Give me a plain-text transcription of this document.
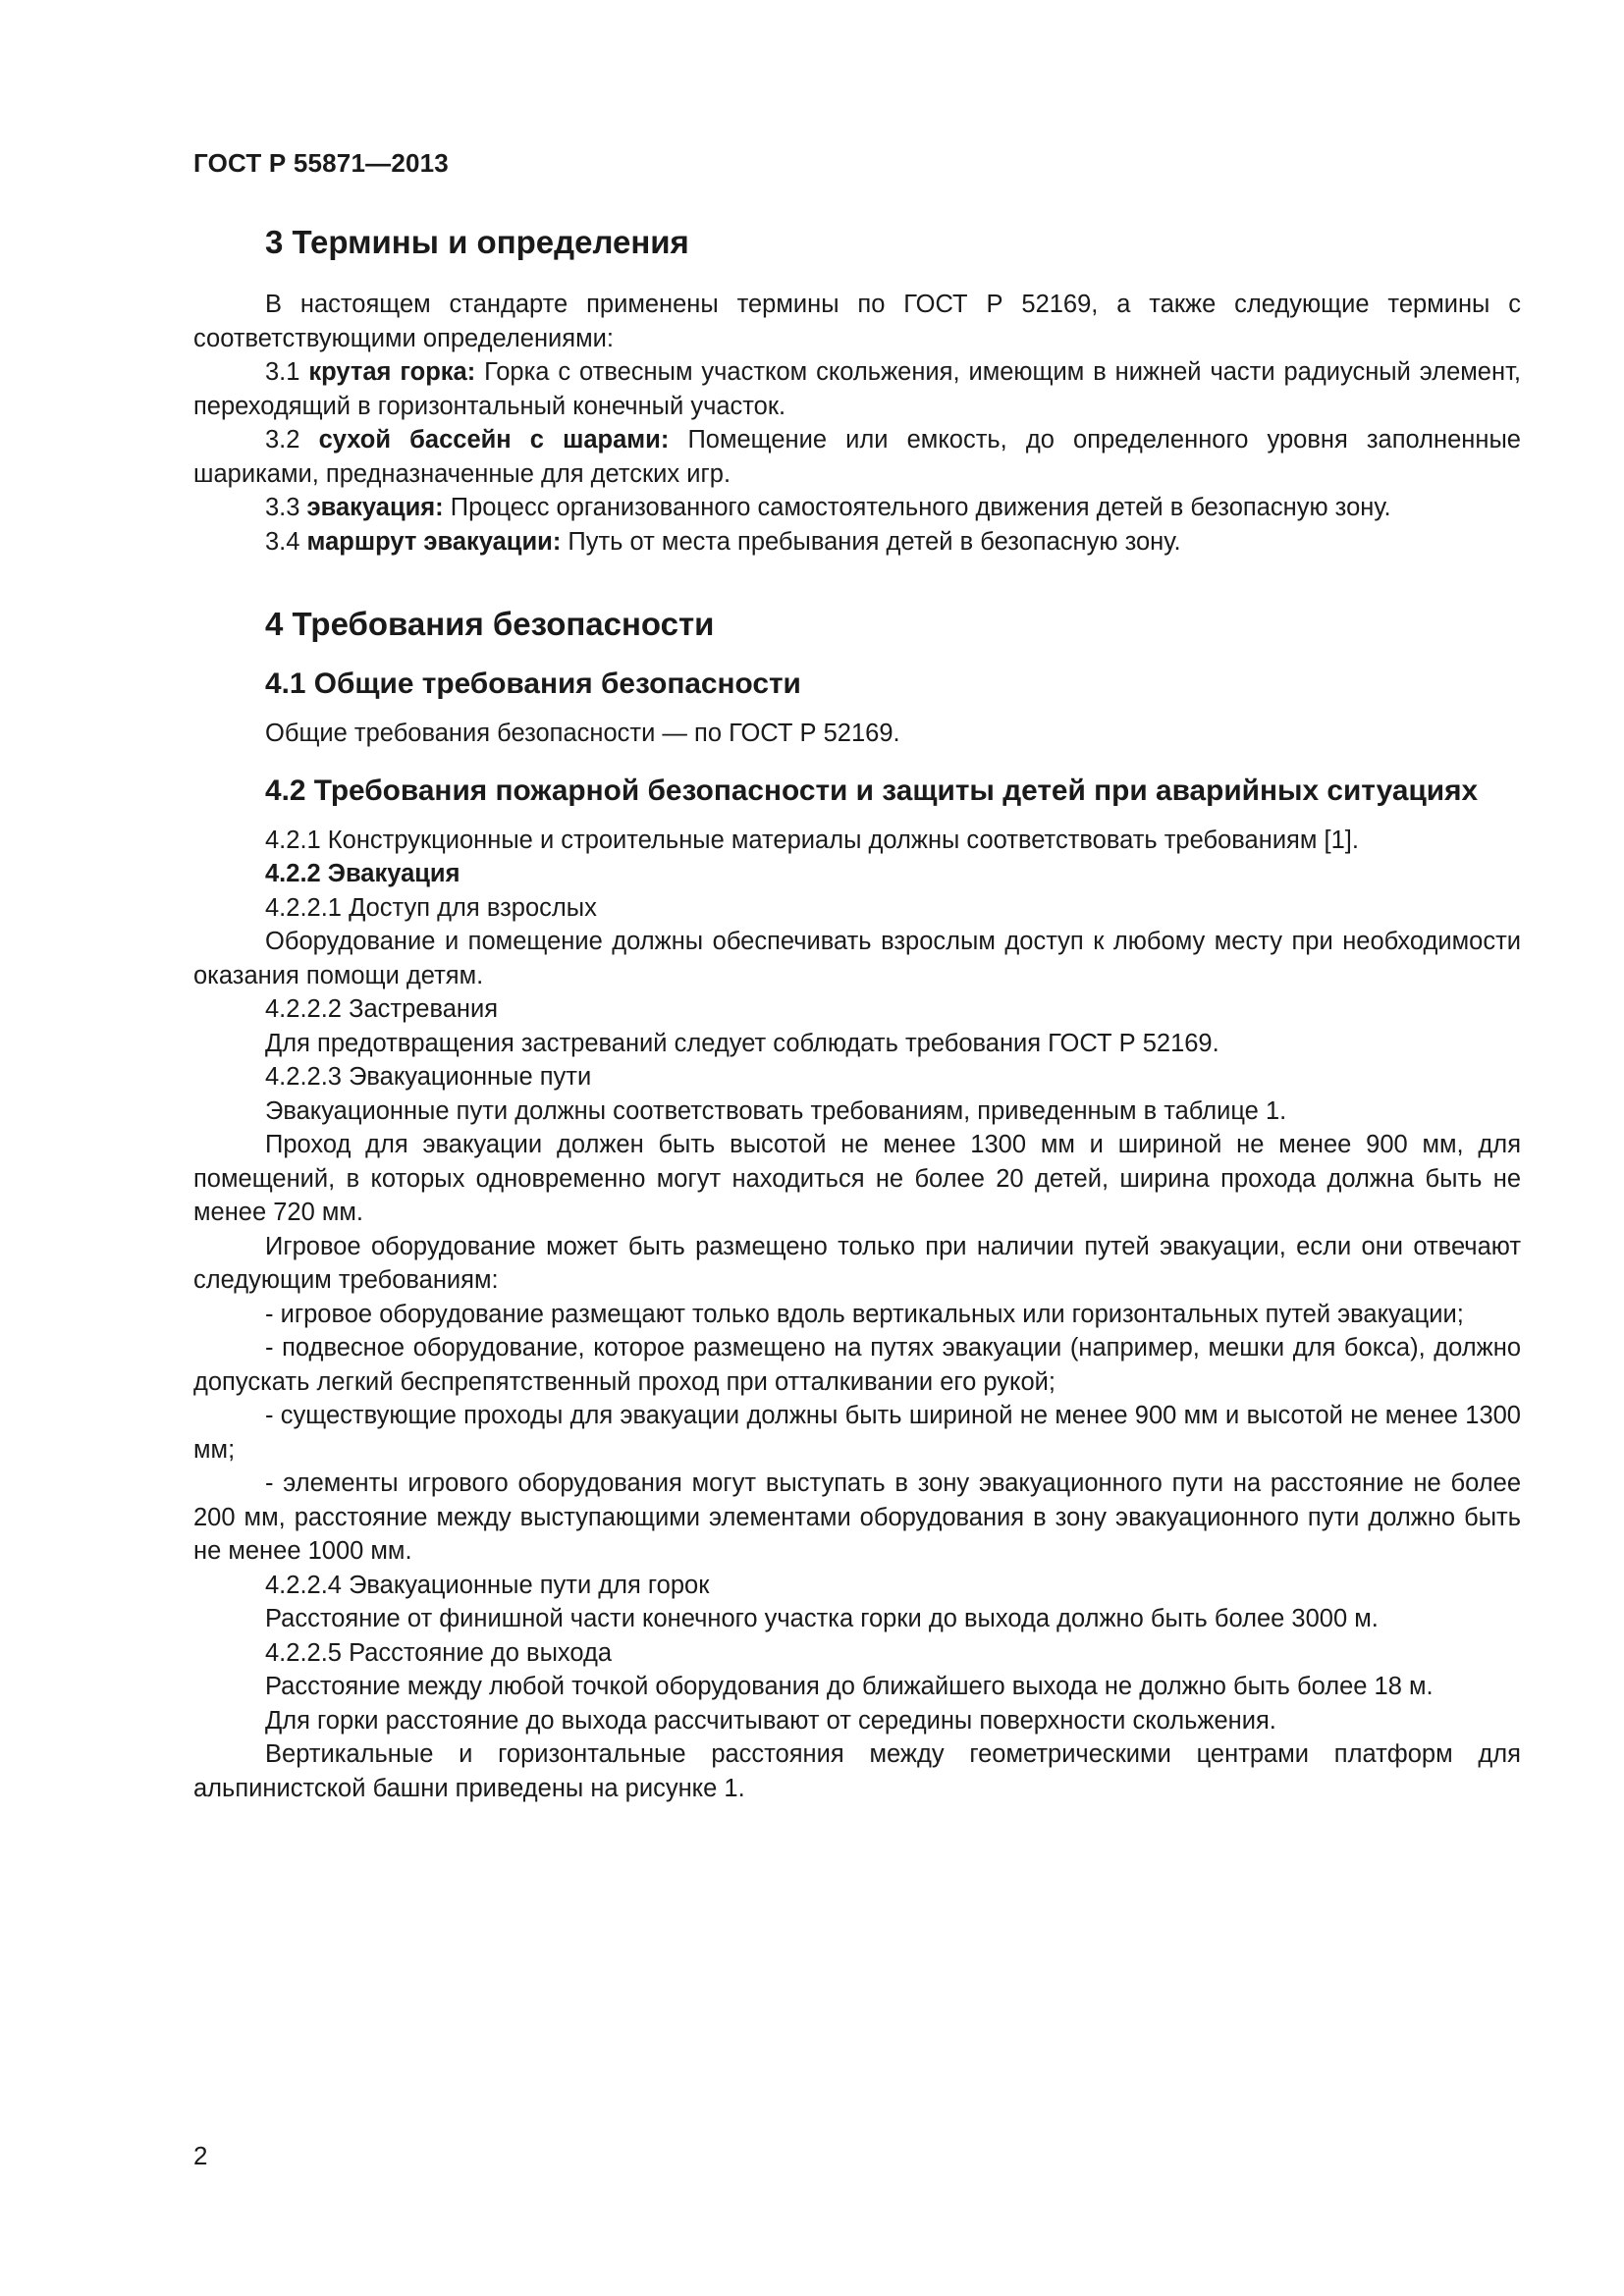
ГОСТ Р 55871—2013
3 Термины и определения

В настоящем стандарте применены термины по ГОСТ Р 52169, а также следующие термины с соответствующими определениями:

3.1 крутая горка: Горка с отвесным участком скольжения, имеющим в нижней части радиусный элемент, переходящий в горизонтальный конечный участок.

3.2 сухой бассейн с шарами: Помещение или емкость, до определенного уровня заполненные шариками, предназначенные для детских игр.

3.3 эвакуация: Процесс организованного самостоятельного движения детей в безопасную зону.

3.4 маршрут эвакуации: Путь от места пребывания детей в безопасную зону.

4 Требования безопасности
4.1 Общие требования безопасности

Общие требования безопасности — по ГОСТ Р 52169.

4.2 Требования пожарной безопасности и защиты детей при аварийных ситуациях

4.2.1 Конструкционные и строительные материалы должны соответствовать требованиям [1].

4.2.2 Эвакуация

4.2.2.1 Доступ для взрослых

Оборудование и помещение должны обеспечивать взрослым доступ к любому месту при необходимости оказания помощи детям.

4.2.2.2 Застревания

Для предотвращения застреваний следует соблюдать требования ГОСТ Р 52169.

4.2.2.3 Эвакуационные пути

Эвакуационные пути должны соответствовать требованиям, приведенным в таблице 1.

Проход для эвакуации должен быть высотой не менее 1300 мм и шириной не менее 900 мм, для помещений, в которых одновременно могут находиться не более 20 детей, ширина прохода должна быть не менее 720 мм.

Игровое оборудование может быть размещено только при наличии путей эвакуации, если они отвечают следующим требованиям:

- игровое оборудование размещают только вдоль вертикальных или горизонтальных путей эвакуации;

- подвесное оборудование, которое размещено на путях эвакуации (например, мешки для бокса), должно допускать легкий беспрепятственный проход при отталкивании его рукой;

- существующие проходы для эвакуации должны быть шириной не менее 900 мм и высотой не менее 1300 мм;

- элементы игрового оборудования могут выступать в зону эвакуационного пути на расстояние не более 200 мм, расстояние между выступающими элементами оборудования в зону эвакуационного пути должно быть не менее 1000 мм.

4.2.2.4 Эвакуационные пути для горок

Расстояние от финишной части конечного участка горки до выхода должно быть более 3000 м.

4.2.2.5 Расстояние до выхода

Расстояние между любой точкой оборудования до ближайшего выхода не должно быть более 18 м.

Для горки расстояние до выхода рассчитывают от середины поверхности скольжения.

Вертикальные и горизонтальные расстояния между геометрическими центрами платформ для альпинистской башни приведены на рисунке 1.

2
